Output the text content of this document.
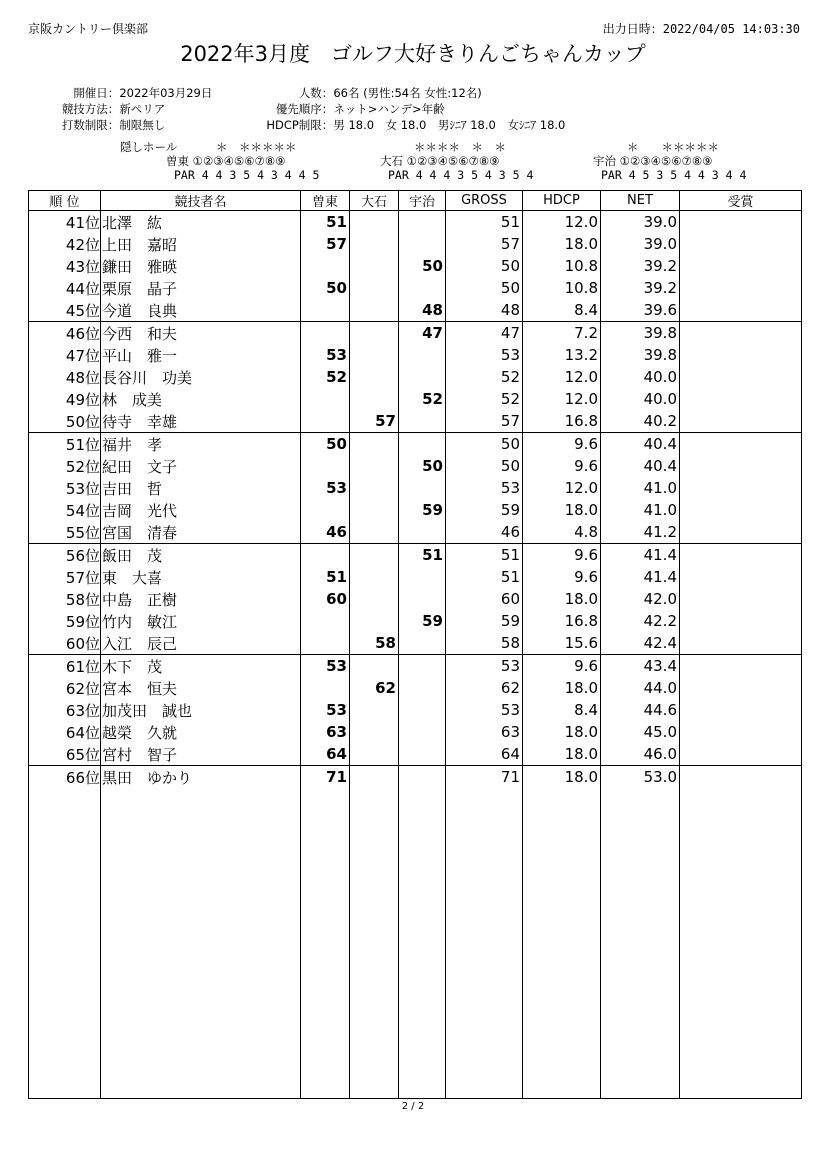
京阪カントリー倶楽部	出力日時：2022/04/05 14:03:30
2022年3月度　ゴルフ大好きりんごちゃんカップ

開催日：2022年03月29日

競技方法：新ペリア

打数制限：制限無し

人数：66名 (男性:54名 女性:12名)

優先順序：ネット>ハンデ>年齢

HDCP制限：男 18.0　女 18.0　男ｼﾆｱ 18.0　女ｼﾆｱ 18.0

隠しホール	＊　＊＊＊＊＊
曽東 ①②③④⑤⑥⑦⑧⑨
PAR 4 4 3 5 4 3 4 4 5
＊＊＊＊　＊　＊
大石 ①②③④⑤⑥⑦⑧⑨
PAR 4 4 4 3 5 4 3 5 4
＊　　＊＊＊＊＊
宇治 ①②③④⑤⑥⑦⑧⑨
PAR 4 5 3 5 4 4 3 4 4
順 位	競技者名	曽東	大石	宇治	GROSS	HDCP	NET	受賞
41位	北澤　紘	51			51	12.0	39.0	
42位	上田　嘉昭	57			57	18.0	39.0	
43位	鎌田　雅暎			50	50	10.8	39.2	
44位	栗原　晶子	50			50	10.8	39.2	
45位	今道　良典			48	48	8.4	39.6	
46位	今西　和夫			47	47	7.2	39.8	
47位	平山　雅一	53			53	13.2	39.8	
48位	長谷川　功美	52			52	12.0	40.0	
49位	林　成美			52	52	12.0	40.0	
50位	待寺　幸雄		57		57	16.8	40.2	
51位	福井　孝	50			50	9.6	40.4	
52位	紀田　文子			50	50	9.6	40.4	
53位	吉田　哲	53			53	12.0	41.0	
54位	吉岡　光代			59	59	18.0	41.0	
55位	宮国　清春	46			46	4.8	41.2	
56位	飯田　茂			51	51	9.6	41.4	
57位	東　大喜	51			51	9.6	41.4	
58位	中島　正樹	60			60	18.0	42.0	
59位	竹内　敏江			59	59	16.8	42.2	
60位	入江　辰己		58		58	15.6	42.4	
61位	木下　茂	53			53	9.6	43.4	
62位	宮本　恒夫		62		62	18.0	44.0	
63位	加茂田　誠也	53			53	8.4	44.6	
64位	越榮　久就	63			63	18.0	45.0	
65位	宮村　智子	64			64	18.0	46.0	
66位	黒田　ゆかり	71			71	18.0	53.0	

2 / 2
